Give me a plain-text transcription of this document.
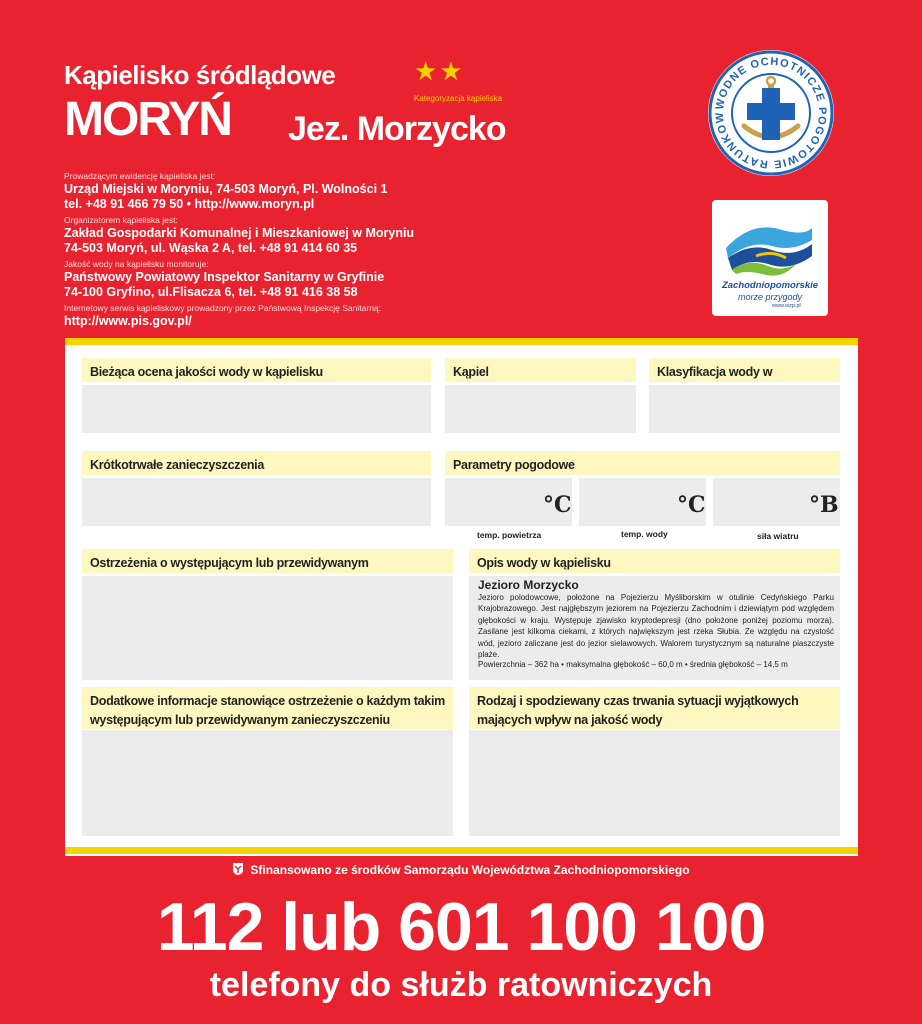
Kąpielisko śródlądowe
MORYŃ Jez. Morzycko
★★
Kategoryzacja kąpieliska
Prowadzącym ewidencję kąpieliska jest:
Urząd Miejski w Moryniu, 74-503 Moryń, Pl. Wolności 1
tel. +48 91 466 79 50 • http://www.moryn.pl
Organizatorem kąpieliska jest:
Zakład Gospodarki Komunalnej i Mieszkaniowej w Moryniu
74-503 Moryń, ul. Wąska 2 A, tel. +48 91 414 60 35
Jakość wody na kąpielisku monitoruje:
Państwowy Powiatowy Inspektor Sanitarny w Gryfinie
74-100 Gryfino, ul.Flisacza 6, tel. +48 91 416 38 58
Internetowy serwis kąpieliskowy prowadzony przez Państwową Inspekcję Sanitarną:
http://www.pis.gov.pl/
WODNE OCHOTNICZE POGOTOWIE RATUNKOW
Zachodniopomorskie
morze przygody
www.wzp.pl
Bieżąca ocena jakości wody w kąpielisku	Kąpiel	Klasyfikacja wody w
Krótkotrwałe zanieczyszczenia	Parametry pogodowe
°C	°C	°B
temp. powietrza	temp. wody	siła wiatru
Ostrzeżenia o występującym lub przewidywanym	Opis wody w kąpielisku
Jezioro Morzycko
Jezioro polodowcowe, położone na Pojezierzu Myśliborskim w otulinie Cedyńskiego Parku Krajobrazowego. Jest najgłębszym jeziorem na Pojezierzu Zachodnim i dziewiątym pod względem głębokości w kraju. Występuje zjawisko kryptodepresji (dno położone poniżej poziomu morza). Zasilane jest kilkoma ciekami, z których największym jest rzeka Słubia. Ze względu na czystość wód, jezioro zaliczane jest do jezior sielawowych. Walorem turystycznym są naturalne piaszczyste plaże.
Powierzchnia – 362 ha • maksymalna głębokość – 60,0 m • średnia głębokość – 14,5 m
Dodatkowe informacje stanowiące ostrzeżenie o każdym takim
występującym lub przewidywanym zanieczyszczeniu
Rodzaj i spodziewany czas trwania sytuacji wyjątkowych
mających wpływ na jakość wody
Sfinansowano ze środków Samorządu Województwa Zachodniopomorskiego
112 lub 601 100 100
telefony do służb ratowniczych
